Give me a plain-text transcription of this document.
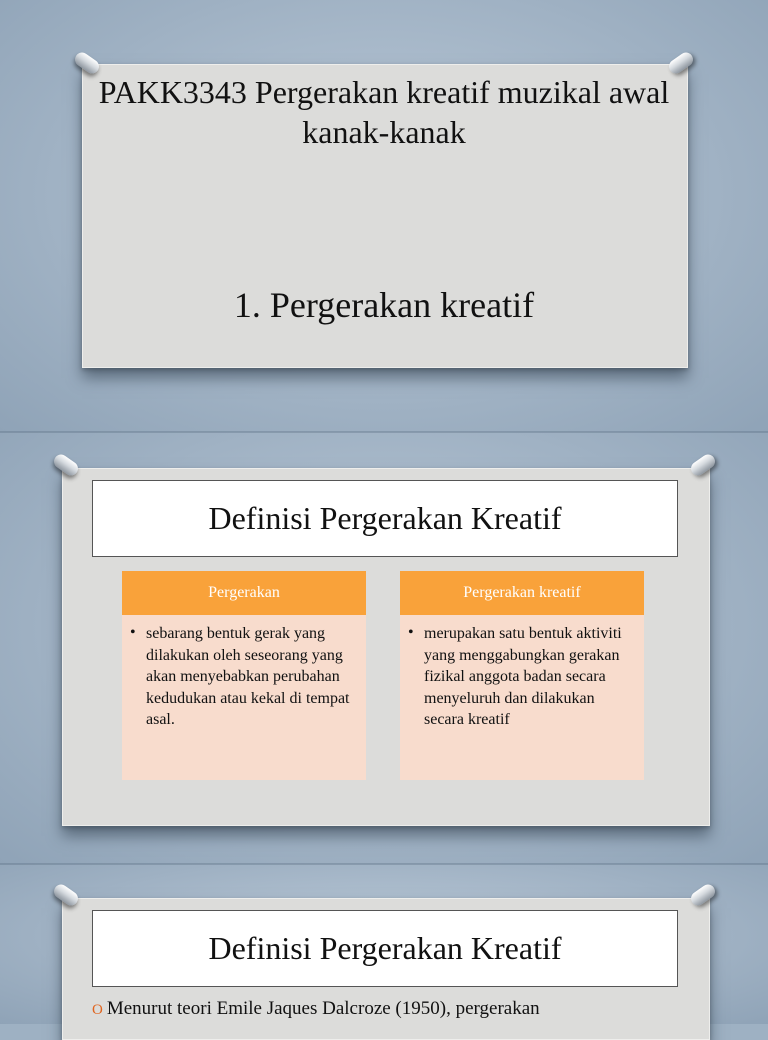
PAKK3343 Pergerakan kreatif muzikal awal kanak-kanak
1. Pergerakan kreatif
Definisi Pergerakan Kreatif
Pergerakan
• sebarang bentuk gerak yang dilakukan oleh seseorang yang akan menyebabkan perubahan kedudukan atau kekal di tempat asal.
Pergerakan kreatif
• merupakan satu bentuk aktiviti yang menggabungkan gerakan fizikal anggota badan secara menyeluruh dan dilakukan secara kreatif
Definisi Pergerakan Kreatif
O Menurut teori Emile Jaques Dalcroze (1950), pergerakan
